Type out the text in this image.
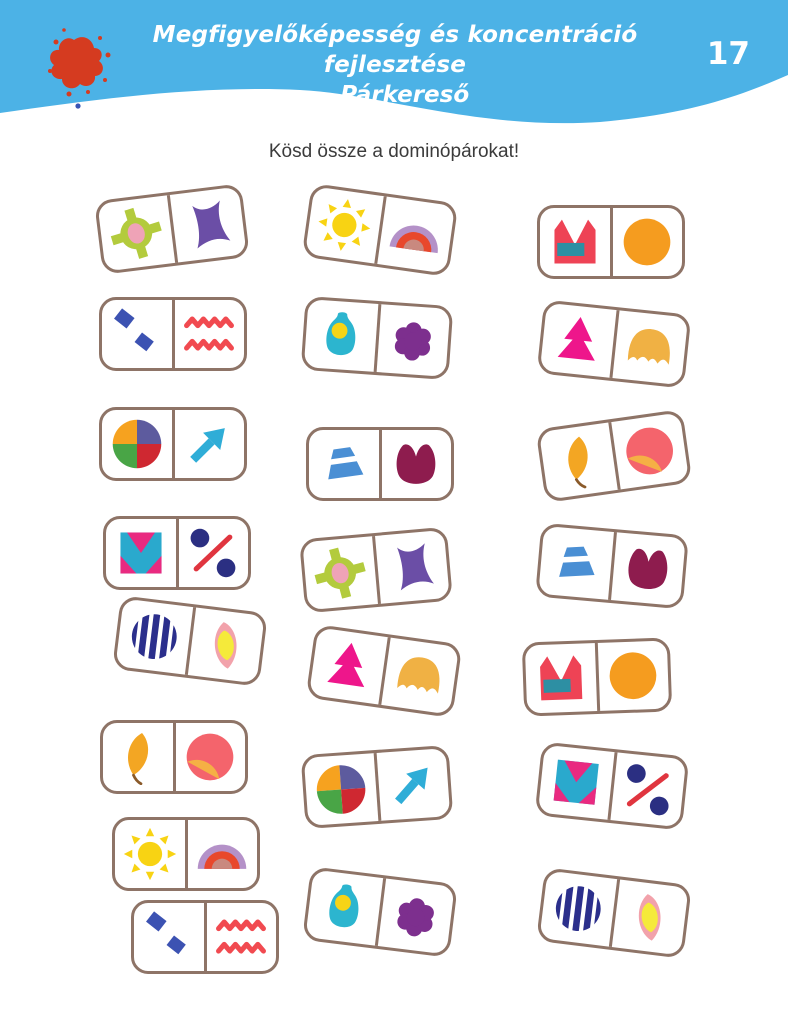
Megfigyelőképesség és koncentráció fejlesztése
– Párkereső
17
Kösd össze a dominópárokat!
